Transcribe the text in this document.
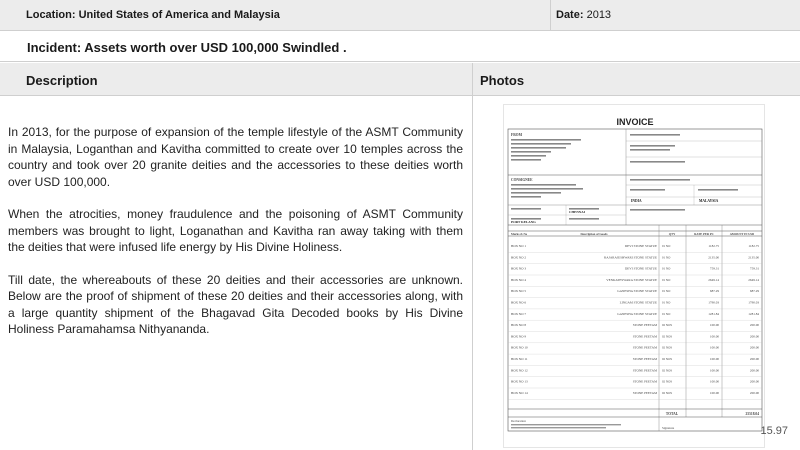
Location: United States of America and Malaysia	Date: 2013
Incident: Assets worth over USD 100,000 Swindled .
Description	Photos

In 2013, for the purpose of expansion of the temple lifestyle of the ASMT Community in Malaysia, Loganthan and Kavitha committed to create over 10 temples across the country and took over 20 granite deities and the accessories to these deities worth over USD 100,000.

When the atrocities, money fraudulence and the poisoning of ASMT Community members was brought to light, Loganathan and Kavitha ran away taking with them the deities that were infused life energy by His Divine Holiness.

Till date, the whereabouts of these 20 deities and their accessories are unknown. Below are the proof of shipment of these 20 deities and their accessories along, with a large quantity shipment of the Bhagavad Gita Decoded books by His Divine Holiness Paramahamsa Nithyananda.

INVOICE
FROM
CONSIGNEE
INDIA	MALAYSIA
CHENNAI
PORT KELANG
Marks & No	Description of Goods	QTY	RATE PER PC	AMOUNT IN USD
BOX NO 1	DEVI STONE STATUE 01 NO	1182.75	1182.75
BOX NO 2	RAJARAJESHWARI STONE STATUE 01 NO	2135.00	2135.00
BOX NO 3	DEVI STONE STATUE 01 NO	759.31	759.31
BOX NO 4	VENKATESWARA STONE STATUE 01 NO	2649.14	2649.14
BOX NO 5	GANESHA STONE STATUE 01 NO	687.29	687.29
BOX NO 6	LINGAM STONE STATUE 01 NO	1790.03	1790.03
BOX NO 7	GANESHA STONE STATUE 01 NO	1281.84	1281.84
BOX NO 8	STONE PEETAM 02 NOS	100.00	200.00
BOX NO 9	STONE PEETAM 02 NOS	100.00	200.00
BOX NO 10	STONE PEETAM 02 NOS	100.00	200.00
BOX NO 11	STONE PEETAM 02 NOS	100.00	200.00
BOX NO 12	STONE PEETAM 02 NOS	100.00	200.00
BOX NO 13	STONE PEETAM 02 NOS	100.00	200.00
BOX NO 14	STONE PEETAM 02 NOS	100.00	200.00
TOTAL	25518.04
Declaration
Signature	15.97
